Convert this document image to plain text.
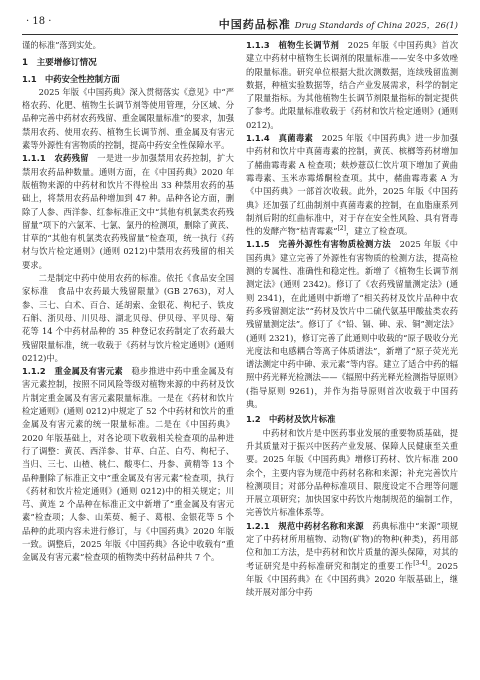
· 18 ·	中国药品标准 Drug Standards of China 2025，26(1)

谨的标准”落到实处。

1　主要增修订情况

1.1　中药安全性控制方面

2025 年版《中国药典》深入贯彻落实《意见》中“严格农药、化肥、植物生长调节剂等使用管理，分区域、分品种完善中药材农药残留、重金属限量标准”的要求，加强禁用农药、使用农药、植物生长调节剂、重金属及有害元素等外源性有害物质的控制，提高中药安全性保障水平。

1.1.1　农药残留　 一是进一步加强禁用农药控制，扩大禁用农药品种数量。通则方面，在《中国药典》2020 年版植物来源的中药材和饮片不得检出 33 种禁用农药的基础上，将禁用农药品种增加到 47 种。品种各论方面，删除了人参、西洋参、红参标准正文中“其他有机氯类农药残留量”项下的六氯苯、七氯、氯丹的检测项，删除了黄芪、甘草的“其他有机氯类农药残留量”检查项，统一执行《药材与饮片检定通则》(通则 0212)中禁用农药残留的相关要求。

二是制定中药中使用农药的标准。依托《食品安全国家标准　食品中农药最大残留限量》(GB 2763)，对人参、三七、白术、百合、延胡索、金银花、枸杞子、铁皮石斛、浙贝母、川贝母、湖北贝母、伊贝母、平贝母、菊花等 14 个中药材品种的 35 种登记农药制定了农药最大残留限量标准，统一收载于《药材与饮片检定通则》(通则 0212)中。

1.1.2　重金属及有害元素　 稳步推进中药中重金属及有害元素控制，按照不同风险等级对植物来源的中药材及饮片制定重金属及有害元素限量标准。一是在《药材和饮片检定通则》(通则 0212)中规定了 52 个中药材和饮片的重金属及有害元素的统一限量标准。二是在《中国药典》2020 年版基础上，对各论项下收载相关检查项的品种进行了调整：黄芪、西洋参、甘草、白芷、白芍、枸杞子、当归、三七、山楂、桃仁、酸枣仁、丹参、黄精等 13 个品种删除了标准正文中“重金属及有害元素”检查项，执行《药材和饮片检定通则》(通则 0212)中的相关规定；川芎、黄连 2 个品种在标准正文中新增了“重金属及有害元素”检查项；人参、山茱萸、栀子、葛根、金银花等 5 个品种的此项内容未进行修订，与《中国药典》2020 年版一致。调整后，2025 年版《中国药典》各论中收载有“重金属及有害元素”检查项的植物类中药材品种共 7 个。

1.1.3　植物生长调节剂　 2025 年版《中国药典》首次建立中药材中植物生长调剂的限量标准——安冬中多效唑的限量标准。研究单位根据大批次测数据，连续残留监测数据，种植实验数据等，结合产业发展需求，科学的制定了限量指标。为其他植物生长调节剂限量指标的制定提供了参考。此限量标准收载于《药材和饮片检定通则》(通则 0212)。

1.1.4　真菌毒素　 2025 年版《中国药典》进一步加强中药材和饮片中真菌毒素的控制，黄芪、槟榔等药材增加了赭曲霉毒素 A 检查项；麸炒薏苡仁饮片项下增加了黄曲霉毒素、玉米赤霉烯酮检查项。其中，赭曲霉毒素 A 为《中国药典》一部首次收载。此外，2025 年版《中国药典》还加强了红曲制剂中真菌毒素的控制，在血脂康系列制剂后附的红曲标准中，对于存在安全性风险、具有肾毒性的发酵产物“桔青霉素”[2]，建立了检查项。

1.1.5　完善外源性有害物质检测方法　 2025 年版《中国药典》建立完善了外源性有害物质的检测方法，提高检测的专属性、准确性和稳定性。新增了《植物生长调节剂测定法》(通则 2342)。修订了《农药残留量测定法》(通则 2341)，在此通则中新增了“相关药材及饮片品种中农药多残留测定法”“药材及饮片中二硫代氨基甲酸盐类农药残留量测定法”。修订了《“铅、镉、砷、汞、铜”测定法》(通则 2321)，修订完善了此通则中收载的“原子吸收分光光度法和电感耦合等离子体质谱法”，新增了“原子荧光光谱法测定中药中砷、汞元素”等内容。建立了适合中药的辐照中药光释光检测法——《辐照中药光释光检测指导原则》(指导原则 9261)，并作为指导原则首次收载于中国药典。

1.2　中药材及饮片标准

中药材和饮片是中医药事业发展的重要物质基础，提升其质量对于振兴中医药产业发展、保障人民健康至关重要。2025 年版《中国药典》增修订药材、饮片标准 200 余个，主要内容为规范中药材名称和来源；补充完善饮片检测项目；对部分品种标准项目、限度设定不合理等问题开展立项研究；加快国家中药饮片炮制规范的编制工作，完善饮片标准体系等。

1.2.1　规范中药材名称和来源　 药典标准中“来源”项规定了中药材所用植物、动物(矿物)的物种(种类)，药用部位和加工方法，是中药材和饮片质量的源头保障，对其的考证研究是中药标准研究和制定的重要工作[3-4]。2025 年版《中国药典》在《中国药典》2020 年版基础上，继续开展对部分中药
